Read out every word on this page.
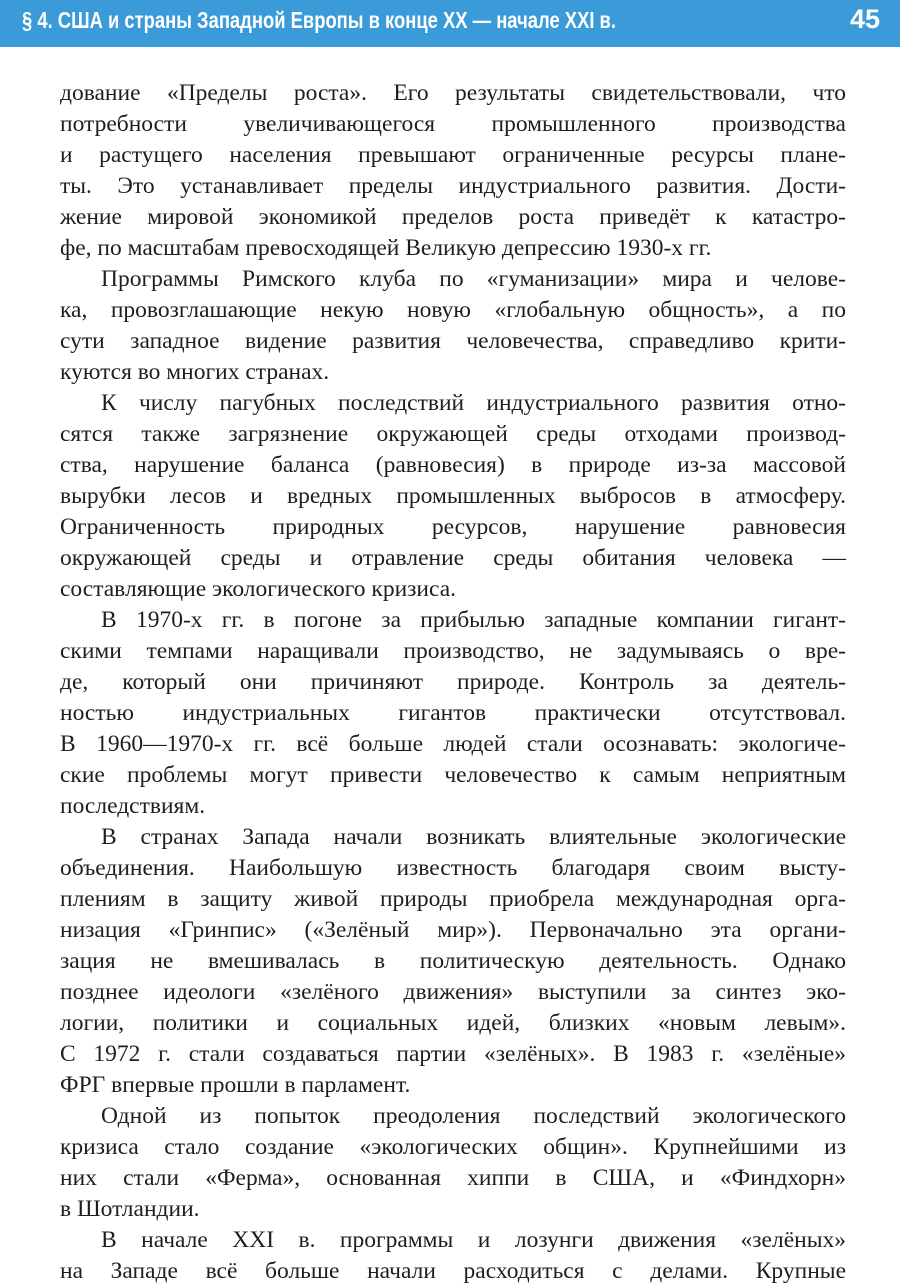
§ 4. США и страны Западной Европы в конце XX — начале XXI в.	45
дование «Пределы роста». Его результаты свидетельствовали, что
потребности увеличивающегося промышленного производства
и растущего населения превышают ограниченные ресурсы плане-
ты. Это устанавливает пределы индустриального развития. Дости-
жение мировой экономикой пределов роста приведёт к катастро-
фе, по масштабам превосходящей Великую депрессию 1930-х гг.
Программы Римского клуба по «гуманизации» мира и челове-
ка, провозглашающие некую новую «глобальную общность», а по
сути западное видение развития человечества, справедливо крити-
куются во многих странах.
К числу пагубных последствий индустриального развития отно-
сятся также загрязнение окружающей среды отходами производ-
ства, нарушение баланса (равновесия) в природе из-за массовой
вырубки лесов и вредных промышленных выбросов в атмосферу.
Ограниченность природных ресурсов, нарушение равновесия
окружающей среды и отравление среды обитания человека —
составляющие экологического кризиса.
В 1970-х гг. в погоне за прибылью западные компании гигант-
скими темпами наращивали производство, не задумываясь о вре-
де, который они причиняют природе. Контроль за деятель-
ностью индустриальных гигантов практически отсутствовал.
В 1960—1970-х гг. всё больше людей стали осознавать: экологиче-
ские проблемы могут привести человечество к самым неприятным
последствиям.
В странах Запада начали возникать влиятельные экологические
объединения. Наибольшую известность благодаря своим высту-
плениям в защиту живой природы приобрела международная орга-
низация «Гринпис» («Зелёный мир»). Первоначально эта органи-
зация не вмешивалась в политическую деятельность. Однако
позднее идеологи «зелёного движения» выступили за синтез эко-
логии, политики и социальных идей, близких «новым левым».
С 1972 г. стали создаваться партии «зелёных». В 1983 г. «зелёные»
ФРГ впервые прошли в парламент.
Одной из попыток преодоления последствий экологического
кризиса стало создание «экологических общин». Крупнейшими из
них стали «Ферма», основанная хиппи в США, и «Финдхорн»
в Шотландии.
В начале XXI в. программы и лозунги движения «зелёных»
на Западе всё больше начали расходиться с делами. Крупные
